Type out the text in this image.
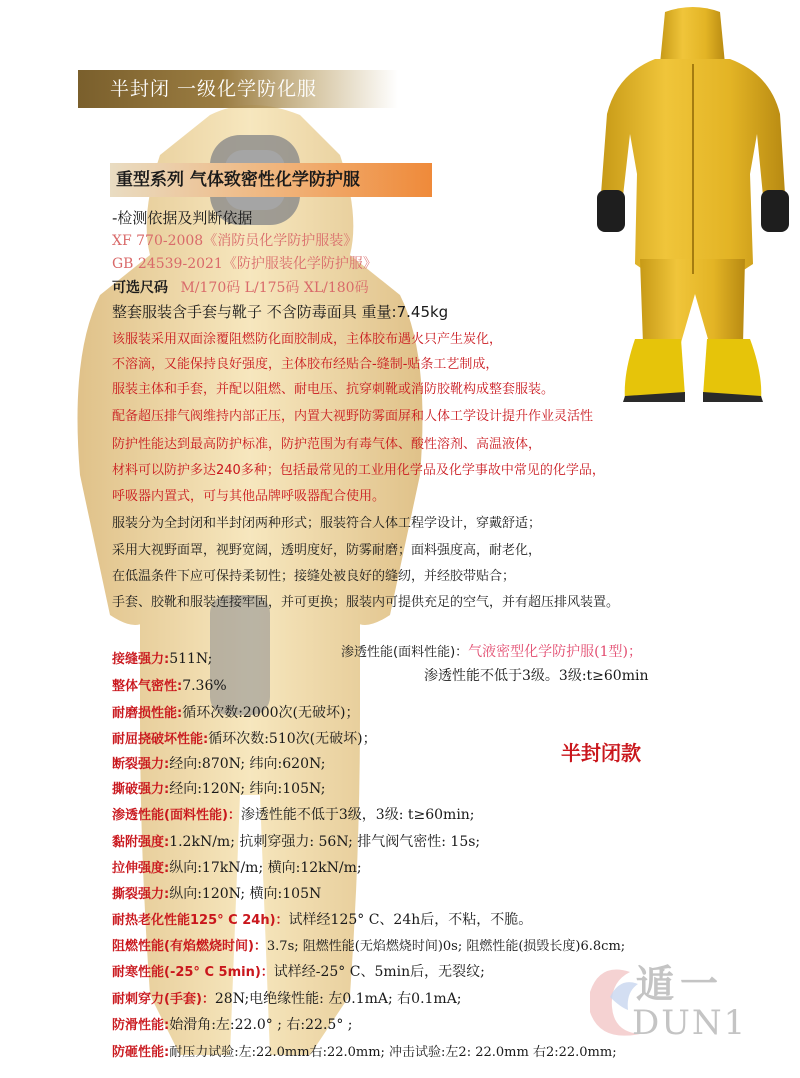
半封闭 一级化学防化服
重型系列 气体致密性化学防护服
-检测依据及判断依据
XF 770-2008《消防员化学防护服装》
GB 24539-2021《防护服装化学防护服》
可选尺码 M/170码 L/175码 XL/180码
整套服装含手套与靴子 不含防毒面具 重量:7.45kg
该服装采用双面涂覆阻燃防化面胶制成，主体胶布遇火只产生炭化，
不溶滴，又能保持良好强度，主体胶布经贴合-缝制-贴条工艺制成，
服装主体和手套，并配以阻燃、耐电压、抗穿刺靴或消防胶靴构成整套服装。
配备超压排气阀维持内部正压，内置大视野防雾面屏和人体工学设计提升作业灵活性
防护性能达到最高防护标准，防护范围为有毒气体、酸性溶剂、高温液体，
材料可以防护多达240多种；包括最常见的工业用化学品及化学事故中常见的化学品，
呼吸器内置式，可与其他品牌呼吸器配合使用。
服装分为全封闭和半封闭两种形式；服装符合人体工程学设计，穿戴舒适；
采用大视野面罩，视野宽阔，透明度好，防雾耐磨；面料强度高，耐老化，
在低温条件下应可保持柔韧性；接缝处被良好的缝纫，并经胶带贴合；
手套、胶靴和服装连接牢固，并可更换；服装内可提供充足的空气，并有超压排风装置。
渗透性能(面料性能)：气液密型化学防护服(1型)；
渗透性能不低于3级。3级:t≥60min
半封闭款
接缝强力:511N;
整体气密性:7.36%
耐磨损性能:循环次数:2000次(无破坏)；
耐屈挠破坏性能:循环次数:510次(无破坏)；
断裂强力:经向:870N; 纬向:620N;
撕破强力:经向:120N; 纬向:105N;
渗透性能(面料性能)：渗透性能不低于3级，3级: t≥60min;
黏附强度:1.2kN/m; 抗刺穿强力: 56N; 排气阀气密性: 15s;
拉伸强度:纵向:17kN/m; 横向:12kN/m;
撕裂强力:纵向:120N; 横向:105N
耐热老化性能125° C 24h)：试样经125° C、24h后，不粘，不脆。
阻燃性能(有焰燃烧时间)：3.7s; 阻燃性能(无焰燃烧时间)0s; 阻燃性能(损毁长度)6.8cm;
耐寒性能(-25° C 5min)：试样经-25° C、5min后，无裂纹;
耐刺穿力(手套)：28N;电绝缘性能: 左0.1mA; 右0.1mA;
防滑性能:始滑角:左:22.0° ; 右:22.5° ;
防砸性能:耐压力试验:左:22.0mm右:22.0mm; 冲击试验:左2: 22.0mm 右2:22.0mm;
遁一
DUN1
